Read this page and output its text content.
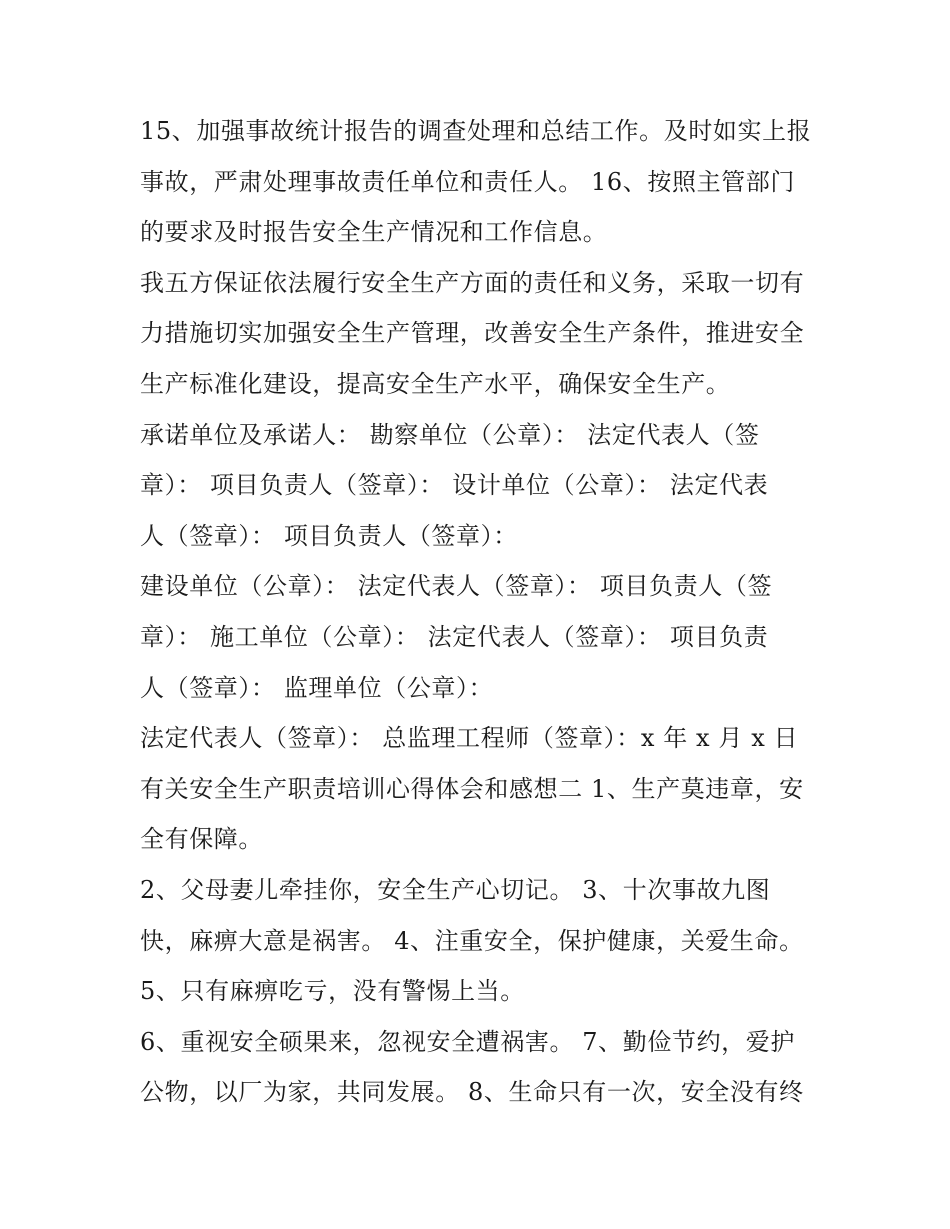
15、加强事故统计报告的调查处理和总结工作。及时如实上报
事故，严肃处理事故责任单位和责任人。 16、按照主管部门
的要求及时报告安全生产情况和工作信息。
我五方保证依法履行安全生产方面的责任和义务，采取一切有
力措施切实加强安全生产管理，改善安全生产条件，推进安全
生产标准化建设，提高安全生产水平，确保安全生产。
承诺单位及承诺人： 勘察单位（公章）： 法定代表人（签
章）： 项目负责人（签章）： 设计单位（公章）： 法定代表
人（签章）： 项目负责人（签章）：
建设单位（公章）： 法定代表人（签章）： 项目负责人（签
章）： 施工单位（公章）： 法定代表人（签章）： 项目负责
人（签章）： 监理单位（公章）：
法定代表人（签章）： 总监理工程师（签章）：x 年 x 月 x 日
有关安全生产职责培训心得体会和感想二 1、生产莫违章，安
全有保障。
2、父母妻儿牵挂你，安全生产心切记。 3、十次事故九图
快，麻痹大意是祸害。 4、注重安全，保护健康，关爱生命。
5、只有麻痹吃亏，没有警惕上当。
6、重视安全硕果来，忽视安全遭祸害。 7、勤俭节约，爱护
公物，以厂为家，共同发展。 8、生命只有一次，安全没有终
